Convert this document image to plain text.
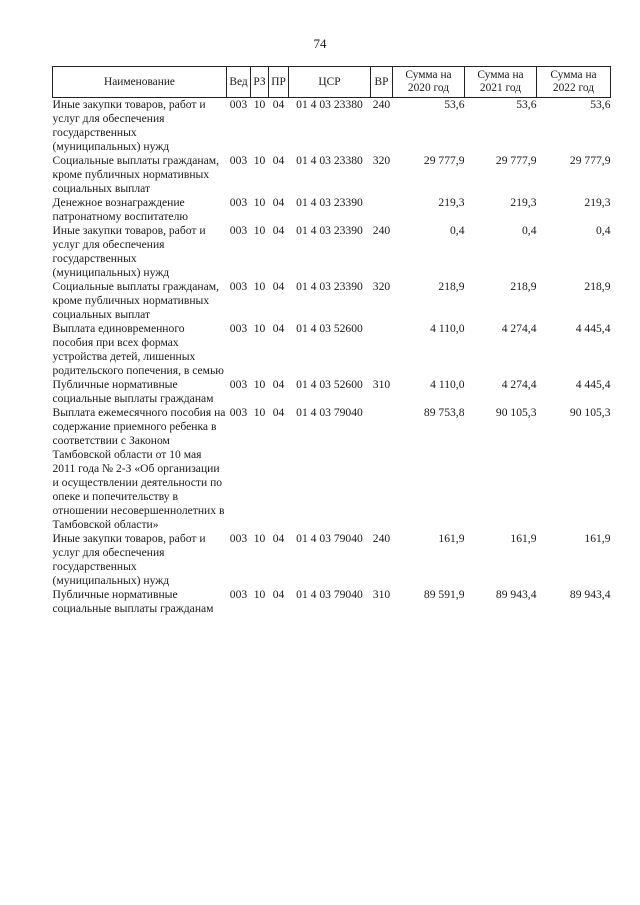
74
Наименование	Вед	РЗ	ПР	ЦСР	ВР	Сумма на 2020 год	Сумма на 2021 год	Сумма на 2022 год
Иные закупки товаров, работ и услуг для обеспечения государственных (муниципальных) нужд	003	10	04	01 4 03 23380	240	53,6	53,6	53,6
Социальные выплаты гражданам, кроме публичных нормативных социальных выплат	003	10	04	01 4 03 23380	320	29 777,9	29 777,9	29 777,9
Денежное вознаграждение патронатному воспитателю	003	10	04	01 4 03 23390		219,3	219,3	219,3
Иные закупки товаров, работ и услуг для обеспечения государственных (муниципальных) нужд	003	10	04	01 4 03 23390	240	0,4	0,4	0,4
Социальные выплаты гражданам, кроме публичных нормативных социальных выплат	003	10	04	01 4 03 23390	320	218,9	218,9	218,9
Выплата единовременного пособия при всех формах устройства детей, лишенных родительского попечения, в семью	003	10	04	01 4 03 52600		4 110,0	4 274,4	4 445,4
Публичные нормативные социальные выплаты гражданам	003	10	04	01 4 03 52600	310	4 110,0	4 274,4	4 445,4
Выплата ежемесячного пособия на содержание приемного ребенка в соответствии с Законом Тамбовской области от 10 мая 2011 года № 2-З «Об организации и осуществлении деятельности по опеке и попечительству в отношении несовершеннолетних в Тамбовской области»	003	10	04	01 4 03 79040		89 753,8	90 105,3	90 105,3
Иные закупки товаров, работ и услуг для обеспечения государственных (муниципальных) нужд	003	10	04	01 4 03 79040	240	161,9	161,9	161,9
Публичные нормативные социальные выплаты гражданам	003	10	04	01 4 03 79040	310	89 591,9	89 943,4	89 943,4
